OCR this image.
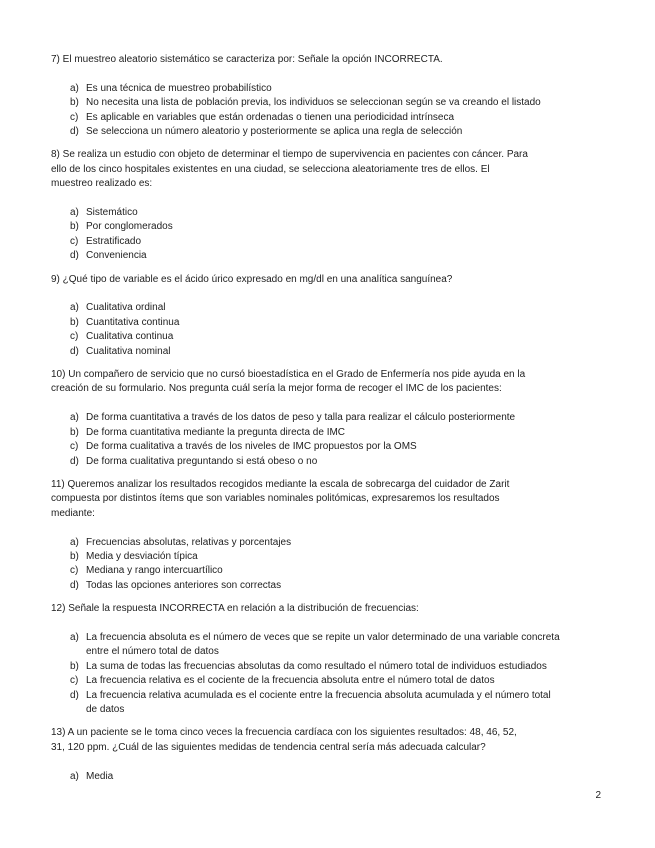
7) El muestreo aleatorio sistemático se caracteriza por: Señale la opción INCORRECTA.
a) Es una técnica de muestreo probabilístico
b) No necesita una lista de población previa, los individuos se seleccionan según se va creando el listado
c) Es aplicable en variables que están ordenadas o tienen una periodicidad intrínseca
d) Se selecciona un número aleatorio y posteriormente se aplica una regla de selección
8) Se realiza un estudio con objeto de determinar el tiempo de supervivencia en pacientes con cáncer. Para
ello de los cinco hospitales existentes en una ciudad, se selecciona aleatoriamente tres de ellos. El
muestreo realizado es:
a) Sistemático
b) Por conglomerados
c) Estratificado
d) Conveniencia
9) ¿Qué tipo de variable es el ácido úrico expresado en mg/dl en una analítica sanguínea?
a) Cualitativa ordinal
b) Cuantitativa continua
c) Cualitativa continua
d) Cualitativa nominal
10) Un compañero de servicio que no cursó bioestadística en el Grado de Enfermería nos pide ayuda en la
creación de su formulario. Nos pregunta cuál sería la mejor forma de recoger el IMC de los pacientes:
a) De forma cuantitativa a través de los datos de peso y talla para realizar el cálculo posteriormente
b) De forma cuantitativa mediante la pregunta directa de IMC
c) De forma cualitativa a través de los niveles de IMC propuestos por la OMS
d) De forma cualitativa preguntando si está obeso o no
11) Queremos analizar los resultados recogidos mediante la escala de sobrecarga del cuidador de Zarit
compuesta por distintos ítems que son variables nominales politómicas, expresaremos los resultados
mediante:
a) Frecuencias absolutas, relativas y porcentajes
b) Media y desviación típica
c) Mediana y rango intercuartílico
d) Todas las opciones anteriores son correctas
12) Señale la respuesta INCORRECTA en relación a la distribución de frecuencias:
a) La frecuencia absoluta es el número de veces que se repite un valor determinado de una variable concreta
entre el número total de datos
b) La suma de todas las frecuencias absolutas da como resultado el número total de individuos estudiados
c) La frecuencia relativa es el cociente de la frecuencia absoluta entre el número total de datos
d) La frecuencia relativa acumulada es el cociente entre la frecuencia absoluta acumulada y el número total
de datos
13) A un paciente se le toma cinco veces la frecuencia cardíaca con los siguientes resultados: 48, 46, 52,
31, 120 ppm. ¿Cuál de las siguientes medidas de tendencia central sería más adecuada calcular?
a) Media
2
